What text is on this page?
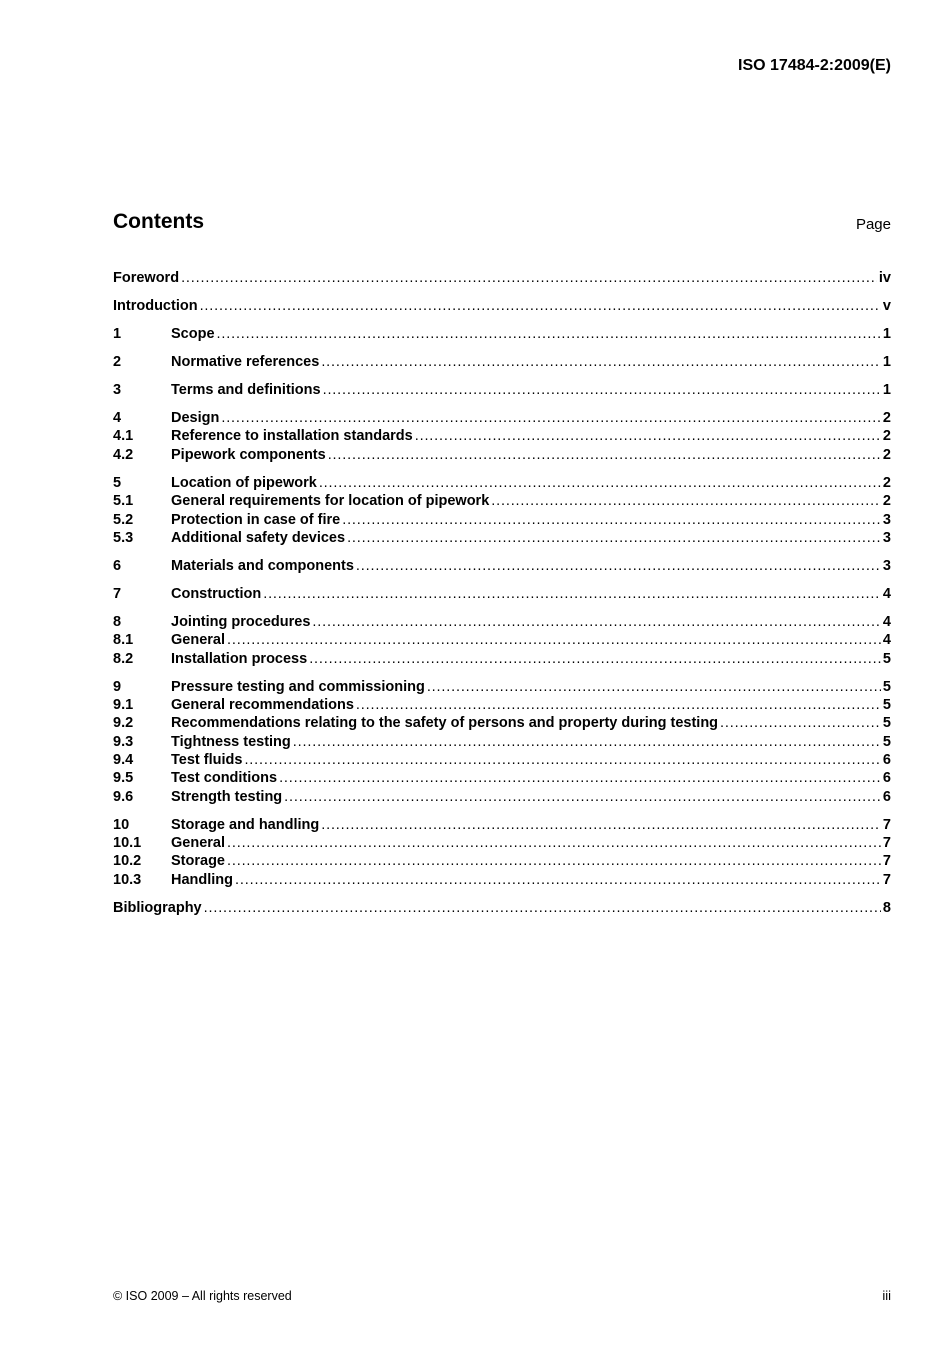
ISO 17484-2:2009(E)
Contents	Page
Foreword . . .	iv
Introduction . . .	v
1	Scope . . .	1
2	Normative references . . .	1
3	Terms and definitions . . .	1
4	Design . . .	2
4.1	Reference to installation standards . . .	2
4.2	Pipework components . . .	2
5	Location of pipework . . .	2
5.1	General requirements for location of pipework . . .	2
5.2	Protection in case of fire . . .	3
5.3	Additional safety devices . . .	3
6	Materials and components . . .	3
7	Construction . . .	4
8	Jointing procedures . . .	4
8.1	General . . .	4
8.2	Installation process . . .	5
9	Pressure testing and commissioning . . .	5
9.1	General recommendations . . .	5
9.2	Recommendations relating to the safety of persons and property during testing . . .	5
9.3	Tightness testing . . .	5
9.4	Test fluids . . .	6
9.5	Test conditions . . .	6
9.6	Strength testing . . .	6
10	Storage and handling . . .	7
10.1	General . . .	7
10.2	Storage . . .	7
10.3	Handling . . .	7
Bibliography . . .	8
© ISO 2009 – All rights reserved	iii
